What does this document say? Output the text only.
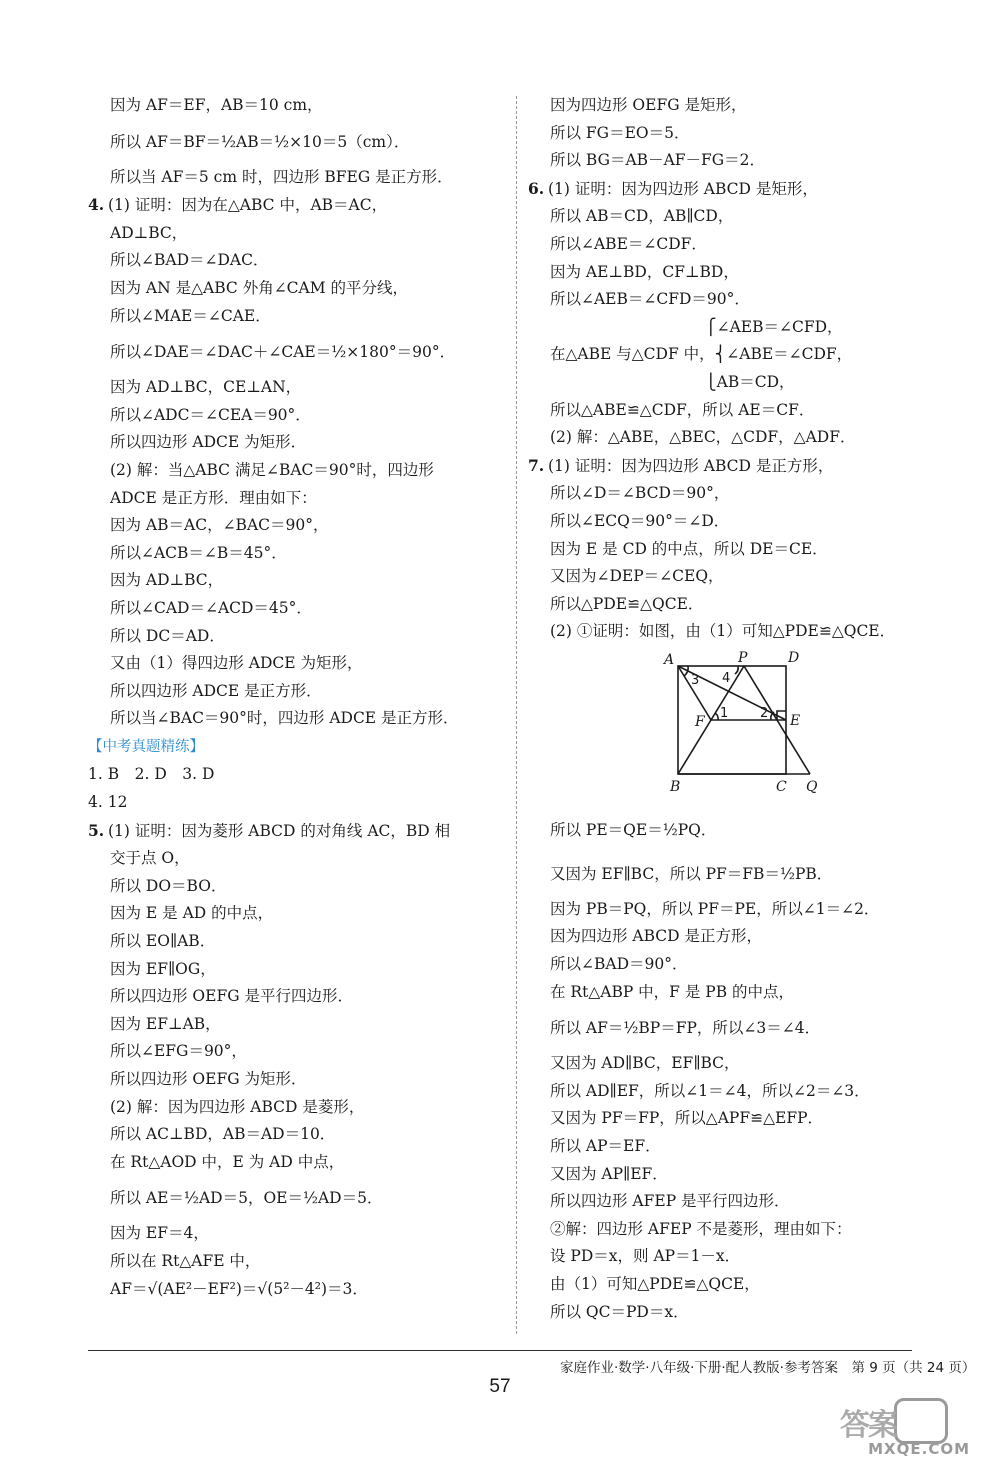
因为 AF＝EF，AB＝10 cm，
所以 AF＝BF＝½AB＝½×10＝5（cm）．
所以当 AF＝5 cm 时，四边形 BFEG 是正方形．
4. (1) 证明：因为在△ABC 中，AB＝AC，
AD⊥BC，
所以∠BAD＝∠DAC．
因为 AN 是△ABC 外角∠CAM 的平分线，
所以∠MAE＝∠CAE．
所以∠DAE＝∠DAC＋∠CAE＝½×180°＝90°．
因为 AD⊥BC，CE⊥AN，
所以∠ADC＝∠CEA＝90°．
所以四边形 ADCE 为矩形．
(2) 解：当△ABC 满足∠BAC＝90°时，四边形
ADCE 是正方形．理由如下：
因为 AB＝AC，∠BAC＝90°，
所以∠ACB＝∠B＝45°．
因为 AD⊥BC，
所以∠CAD＝∠ACD＝45°．
所以 DC＝AD．
又由（1）得四边形 ADCE 为矩形，
所以四边形 ADCE 是正方形．
所以当∠BAC＝90°时，四边形 ADCE 是正方形．
【中考真题精练】
1. B　2. D　3. D
4. 12
5. (1) 证明：因为菱形 ABCD 的对角线 AC，BD 相
交于点 O，
所以 DO＝BO．
因为 E 是 AD 的中点，
所以 EO∥AB．
因为 EF∥OG，
所以四边形 OEFG 是平行四边形．
因为 EF⊥AB，
所以∠EFG＝90°，
所以四边形 OEFG 为矩形．
(2) 解：因为四边形 ABCD 是菱形，
所以 AC⊥BD，AB＝AD＝10．
在 Rt△AOD 中，E 为 AD 中点，
所以 AE＝½AD＝5，OE＝½AD＝5．
因为 EF＝4，
所以在 Rt△AFE 中，
AF＝√(AE²－EF²)＝√(5²－4²)＝3．
因为四边形 OEFG 是矩形，
所以 FG＝EO＝5．
所以 BG＝AB－AF－FG＝2．
6. (1) 证明：因为四边形 ABCD 是矩形，
所以 AB＝CD，AB∥CD，
所以∠ABE＝∠CDF．
因为 AE⊥BD，CF⊥BD，
所以∠AEB＝∠CFD＝90°．
　　　　　　　　　　⎧∠AEB＝∠CFD，
在△ABE 与△CDF 中，⎨∠ABE＝∠CDF，
　　　　　　　　　　⎩AB＝CD，
所以△ABE≌△CDF，所以 AE＝CF．
(2) 解：△ABE，△BEC，△CDF，△ADF．
7. (1) 证明：因为四边形 ABCD 是正方形，
所以∠D＝∠BCD＝90°，
所以∠ECQ＝90°＝∠D．
因为 E 是 CD 的中点，所以 DE＝CE．
又因为∠DEP＝∠CEQ，
所以△PDE≌△QCE．
(2) ①证明：如图，由（1）可知△PDE≌△QCE．
A	P	D
F	E
B	C Q
1 2
3 4
所以 PE＝QE＝½PQ．
又因为 EF∥BC，所以 PF＝FB＝½PB．
因为 PB＝PQ，所以 PF＝PE，所以∠1＝∠2．
因为四边形 ABCD 是正方形，
所以∠BAD＝90°．
在 Rt△ABP 中，F 是 PB 的中点，
所以 AF＝½BP＝FP，所以∠3＝∠4．
又因为 AD∥BC，EF∥BC，
所以 AD∥EF，所以∠1＝∠4，所以∠2＝∠3．
又因为 PF＝FP，所以△APF≌△EFP．
所以 AP＝EF．
又因为 AP∥EF．
所以四边形 AFEP 是平行四边形．
②解：四边形 AFEP 不是菱形，理由如下：
设 PD＝x，则 AP＝1－x．
由（1）可知△PDE≌△QCE，
所以 QC＝PD＝x．
家庭作业·数学·八年级·下册·配人教版·参考答案　第 9 页（共 24 页）
57
答案
MXQE.COM
